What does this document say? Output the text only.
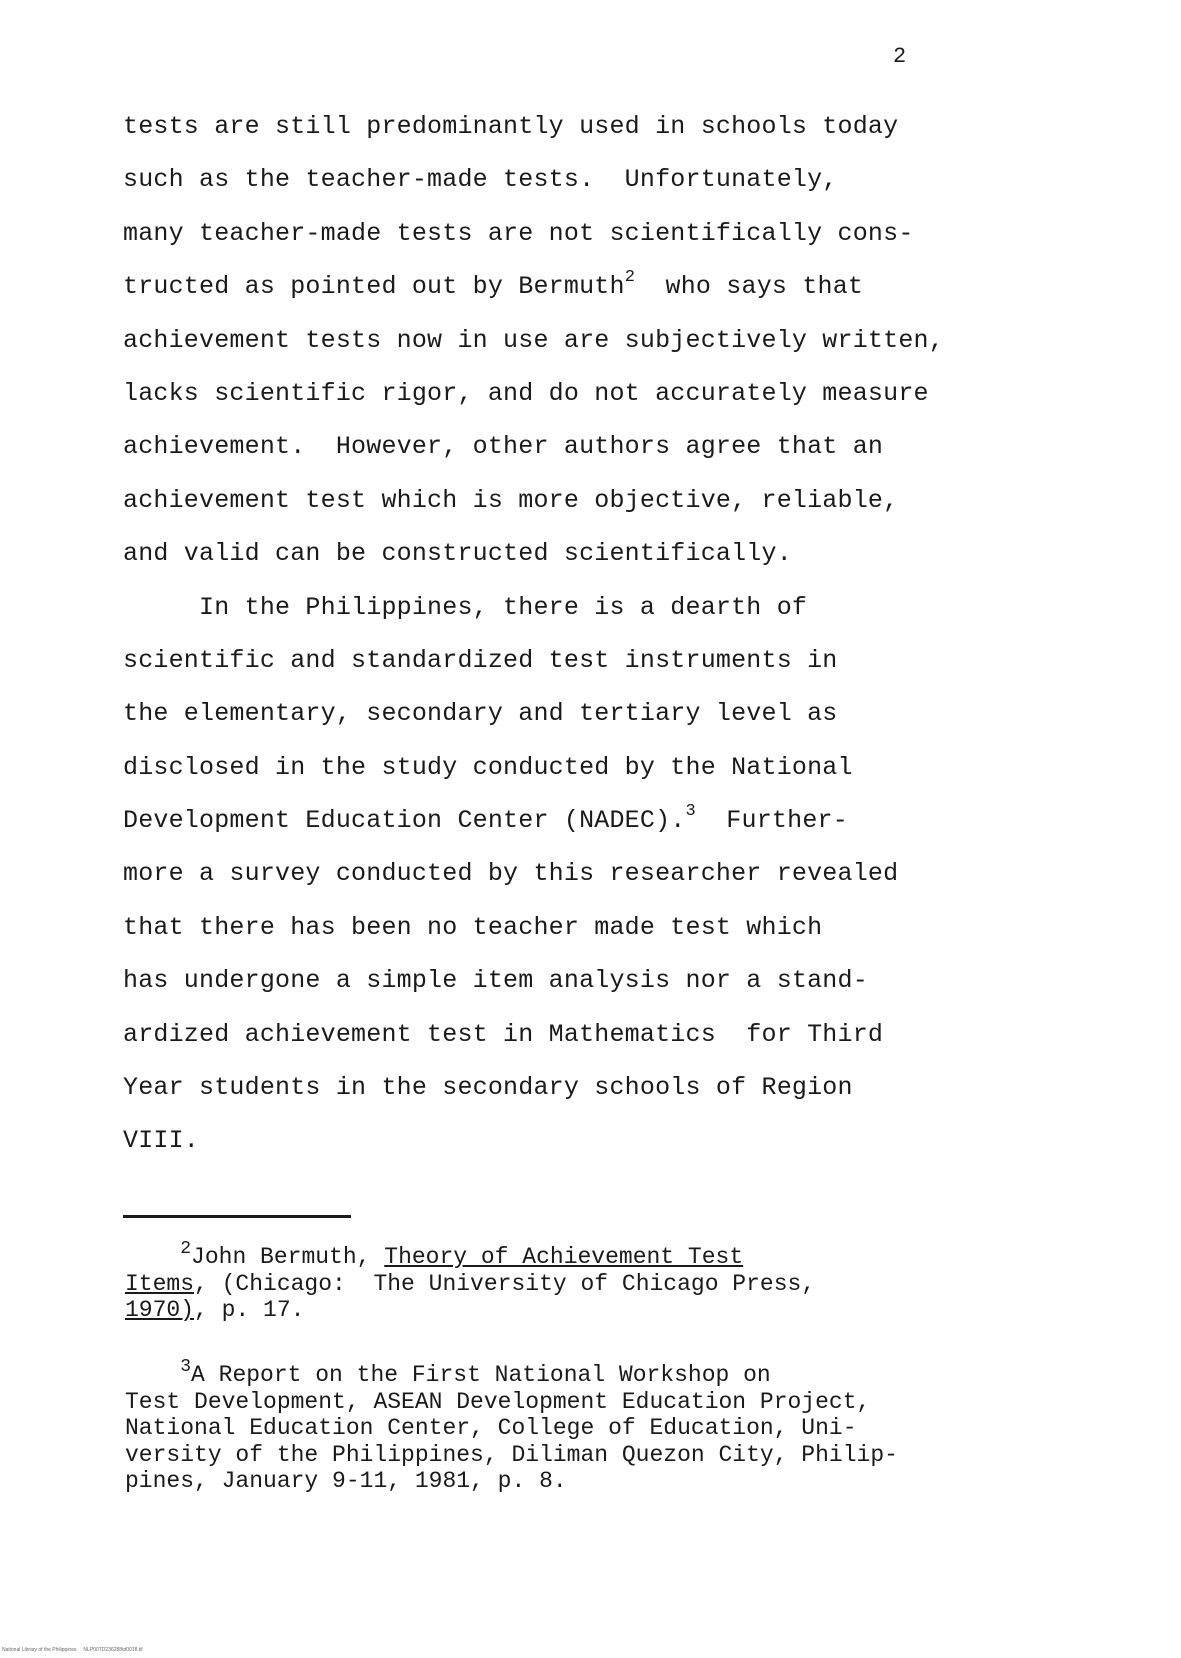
2
tests are still predominantly used in schools today
such as the teacher-made tests.  Unfortunately,
many teacher-made tests are not scientifically cons-
tructed as pointed out by Bermuth$^2$  who says that
achievement tests now in use are subjectively written,
lacks scientific rigor, and do not accurately measure
achievement.  However, other authors agree that an
achievement test which is more objective, reliable,
and valid can be constructed scientifically.
In the Philippines, there is a dearth of
scientific and standardized test instruments in
the elementary, secondary and tertiary level as
disclosed in the study conducted by the National
Development Education Center (NADEC).$^3$  Further-
more a survey conducted by this researcher revealed
that there has been no teacher made test which
has undergone a simple item analysis nor a stand-
ardized achievement test in Mathematics  for Third
Year students in the secondary schools of Region
VIII.
$^2$John Bermuth, Theory of Achievement Test
Items, (Chicago:  The University of Chicago Press,
1970), p. 17.
$^3$A Report on the First National Workshop on
Test Development, ASEAN Development Education Project,
National Education Center, College of Education, Uni-
versity of the Philippines, Diliman Quezon City, Philip-
pines, January 9-11, 1981, p. 8.
National Library of the Philippines     NLP00TD236288td0018.tif
